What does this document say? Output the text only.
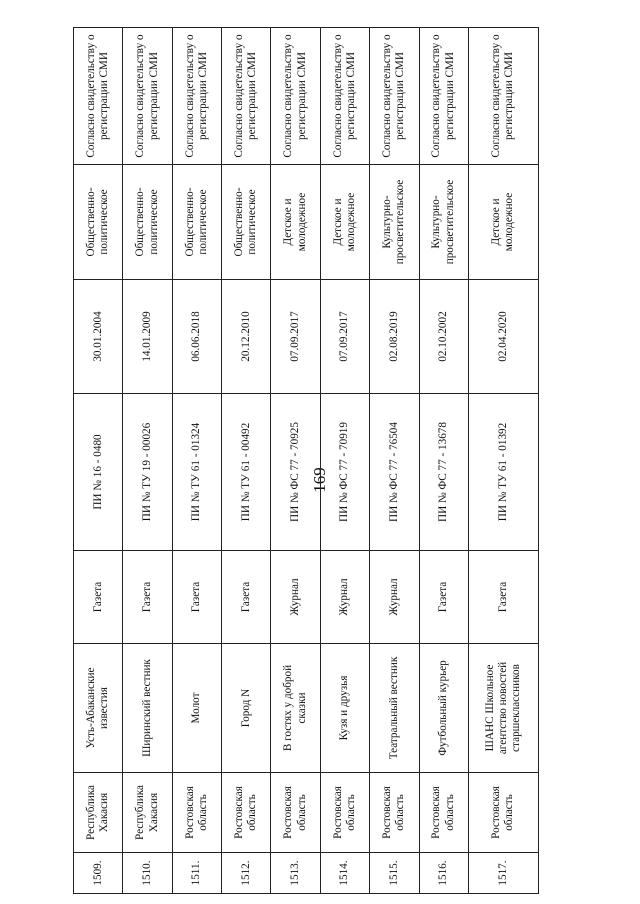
169
1509.	Республика Хакасия	Усть-Абаканские известия	Газета	ПИ № 16 - 0480	30.01.2004	Общественно-политическое	Согласно свидетельству о регистрации СМИ
1510.	Республика Хакасия	Ширинский вестник	Газета	ПИ № ТУ 19 - 00026	14.01.2009	Общественно-политическое	Согласно свидетельству о регистрации СМИ
1511.	Ростовская область	Молот	Газета	ПИ № ТУ 61 - 01324	06.06.2018	Общественно-политическое	Согласно свидетельству о регистрации СМИ
1512.	Ростовская область	Город N	Газета	ПИ № ТУ 61 - 00492	20.12.2010	Общественно-политическое	Согласно свидетельству о регистрации СМИ
1513.	Ростовская область	В гостях у доброй сказки	Журнал	ПИ № ФС 77 - 70925	07.09.2017	Детское и молодежное	Согласно свидетельству о регистрации СМИ
1514.	Ростовская область	Кузя и друзья	Журнал	ПИ № ФС 77 - 70919	07.09.2017	Детское и молодежное	Согласно свидетельству о регистрации СМИ
1515.	Ростовская область	Театральный вестник	Журнал	ПИ № ФС 77 - 76504	02.08.2019	Культурно-просветительское	Согласно свидетельству о регистрации СМИ
1516.	Ростовская область	Футбольный курьер	Газета	ПИ № ФС 77 - 13678	02.10.2002	Культурно-просветительское	Согласно свидетельству о регистрации СМИ
1517.	Ростовская область	ШАНС Школьное агентство новостей старшеклассников	Газета	ПИ № ТУ 61 - 01392	02.04.2020	Детское и молодежное	Согласно свидетельству о регистрации СМИ
